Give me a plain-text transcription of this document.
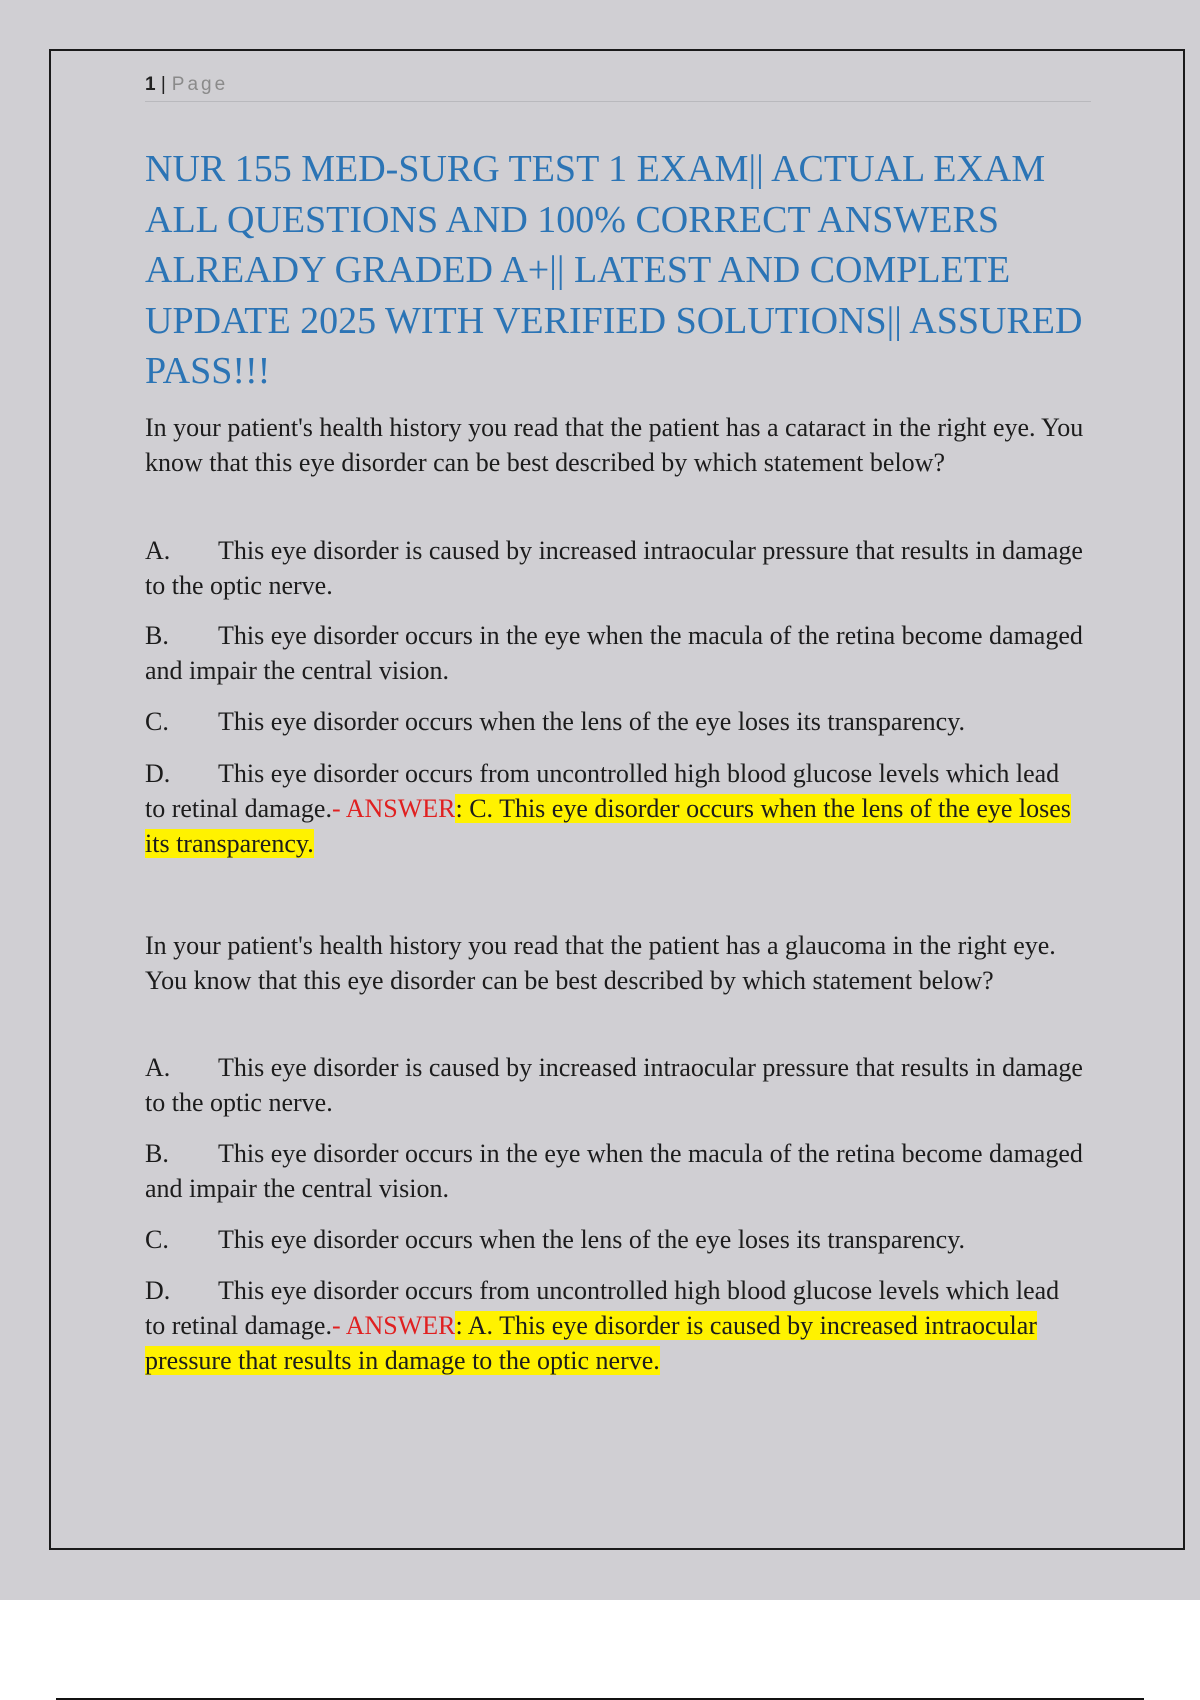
1 | Page
NUR 155 MED-SURG TEST 1 EXAM|| ACTUAL EXAM ALL QUESTIONS AND 100% CORRECT ANSWERS ALREADY GRADED A+|| LATEST AND COMPLETE UPDATE 2025 WITH VERIFIED SOLUTIONS|| ASSURED PASS!!!

In your patient's health history you read that the patient has a cataract in the right eye. You know that this eye disorder can be best described by which statement below?

A. This eye disorder is caused by increased intraocular pressure that results in damage to the optic nerve.

B. This eye disorder occurs in the eye when the macula of the retina become damaged and impair the central vision.

C. This eye disorder occurs when the lens of the eye loses its transparency.

D. This eye disorder occurs from uncontrolled high blood glucose levels which lead to retinal damage.- ANSWER: C. This eye disorder occurs when the lens of the eye loses its transparency.

In your patient's health history you read that the patient has a glaucoma in the right eye. You know that this eye disorder can be best described by which statement below?

A. This eye disorder is caused by increased intraocular pressure that results in damage to the optic nerve.

B. This eye disorder occurs in the eye when the macula of the retina become damaged and impair the central vision.

C. This eye disorder occurs when the lens of the eye loses its transparency.

D. This eye disorder occurs from uncontrolled high blood glucose levels which lead to retinal damage.- ANSWER: A. This eye disorder is caused by increased intraocular pressure that results in damage to the optic nerve.
